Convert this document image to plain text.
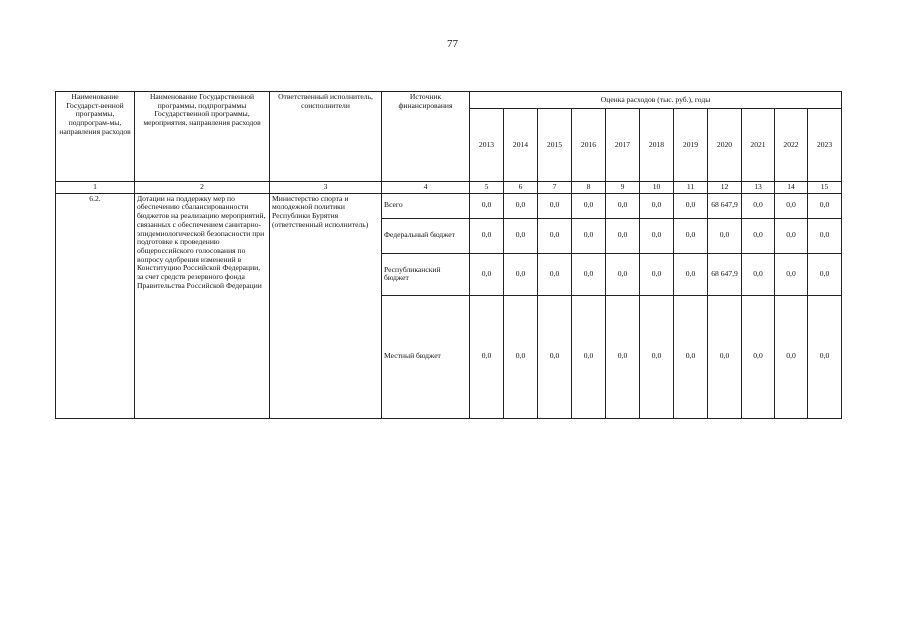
77
Наименование Государст-венной программы, подпрограм-мы, направления расходов	Наименование Государственной программы, подпрограммы Государственной программы, мероприятия, направления расходов	Ответственный исполнитель, соисполнители	Источник финансирования	Оценка расходов (тыс. руб.), годы										
				2013	2014	2015	2016	2017	2018	2019	2020	2021	2022	2023
1	2	3	4	5	6	7	8	9	10	11	12	13	14	15
6.2.	Дотации на поддержку мер по обеспечению сбалансированности бюджетов на реализацию мероприятий, связанных с обеспечением санитарно-эпидемиологической безопасности при подготовке к проведению общероссийского голосования по вопросу одобрения изменений в Конституцию Российской Федерации, за счет средств резервного фонда Правительства Российской Федерации	Министерство спорта и молодежной политики Республики Бурятия (ответственный исполнитель)	Всего	0,0	0,0	0,0	0,0	0,0	0,0	0,0	68 647,9	0,0	0,0	0,0
			Федеральный бюджет	0,0	0,0	0,0	0,0	0,0	0,0	0,0	0,0	0,0	0,0	0,0
			Республиканский бюджет	0,0	0,0	0,0	0,0	0,0	0,0	0,0	68 647,9	0,0	0,0	0,0
			Местный бюджет	0,0	0,0	0,0	0,0	0,0	0,0	0,0	0,0	0,0	0,0	0,0
